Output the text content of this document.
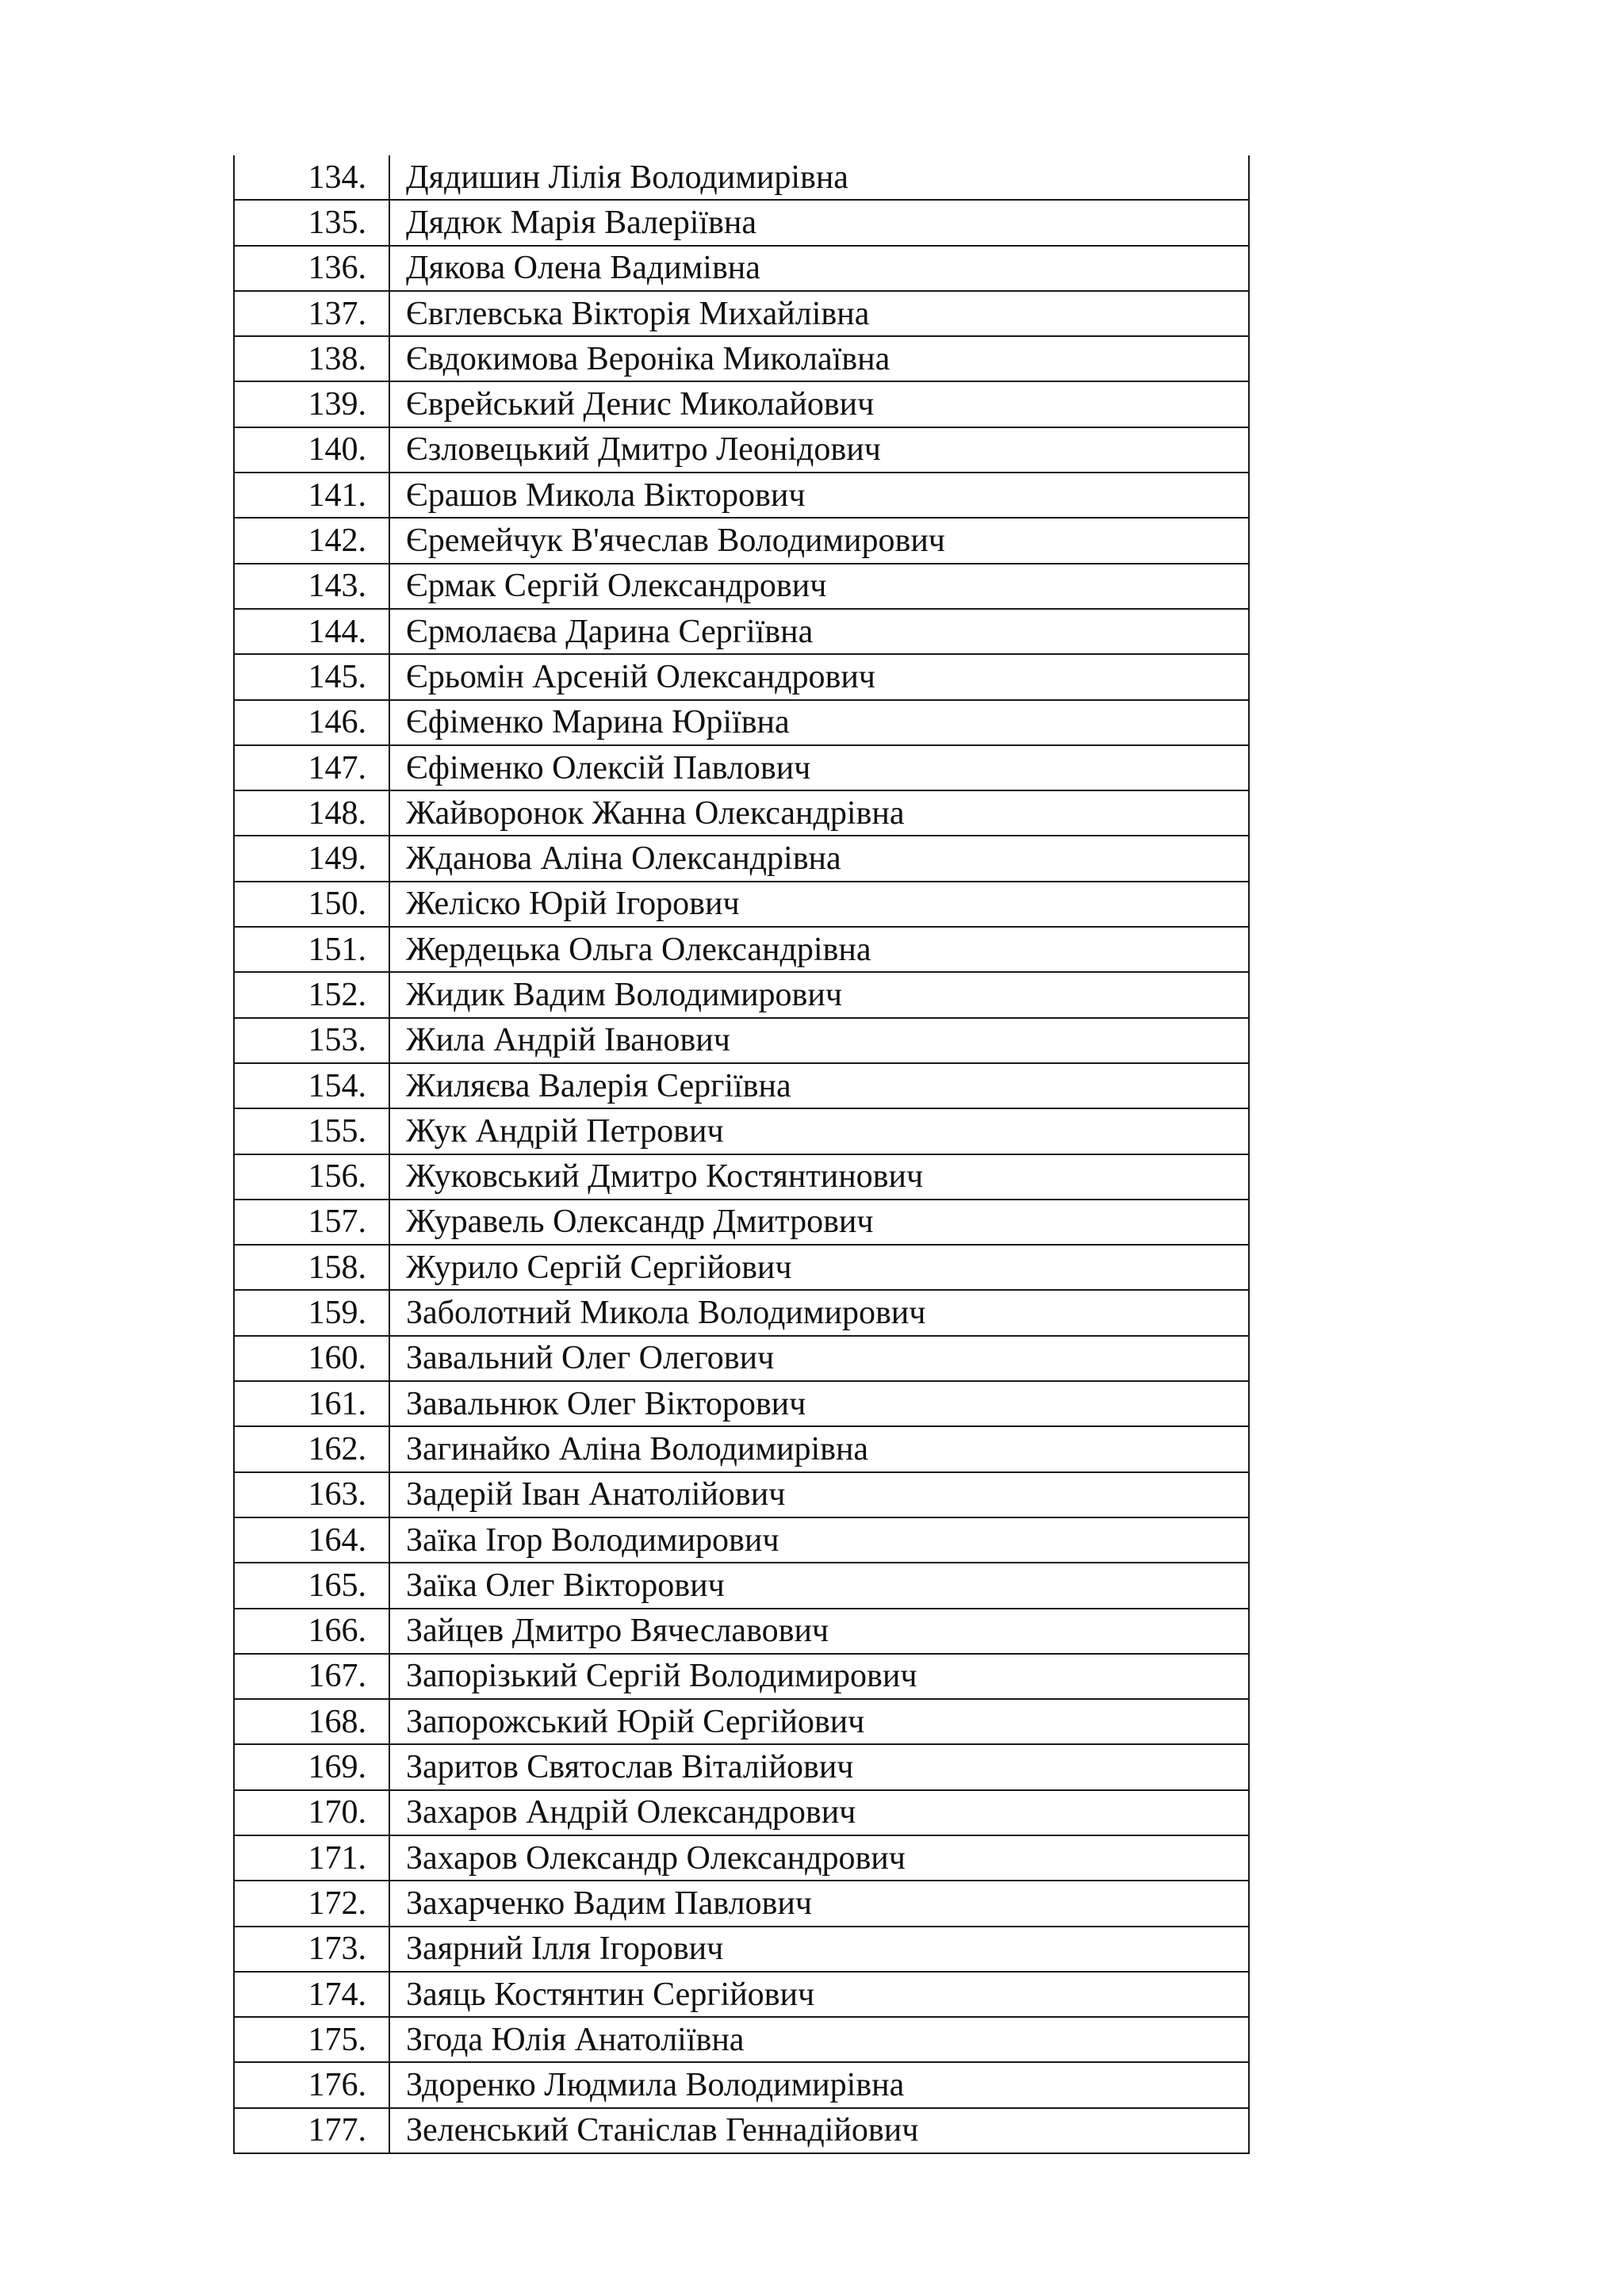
134.	Дядишин Лілія Володимирівна
135.	Дядюк Марія Валеріївна
136.	Дякова Олена Вадимівна
137.	Євглевська Вікторія Михайлівна
138.	Євдокимова Вероніка Миколаївна
139.	Єврейський Денис Миколайович
140.	Єзловецький Дмитро Леонідович
141.	Єрашов Микола Вікторович
142.	Єремейчук В'ячеслав Володимирович
143.	Єрмак Сергій Олександрович
144.	Єрмолаєва Дарина Сергіївна
145.	Єрьомін Арсеній Олександрович
146.	Єфіменко Марина Юріївна
147.	Єфіменко Олексій Павлович
148.	Жайворонок Жанна Олександрівна
149.	Жданова Аліна Олександрівна
150.	Желіско Юрій Ігорович
151.	Жердецька Ольга Олександрівна
152.	Жидик Вадим Володимирович
153.	Жила Андрій Іванович
154.	Жиляєва Валерія Сергіївна
155.	Жук Андрій Петрович
156.	Жуковський Дмитро Костянтинович
157.	Журавель Олександр Дмитрович
158.	Журило Сергій Сергійович
159.	Заболотний Микола Володимирович
160.	Завальний Олег Олегович
161.	Завальнюк Олег Вікторович
162.	Загинайко Аліна Володимирівна
163.	Задерій Іван Анатолійович
164.	Заїка Ігор Володимирович
165.	Заїка Олег Вікторович
166.	Зайцев Дмитро Вячеславович
167.	Запорізький Сергій Володимирович
168.	Запорожський Юрій Сергійович
169.	Заритов Святослав Віталійович
170.	Захаров Андрій Олександрович
171.	Захаров Олександр Олександрович
172.	Захарченко Вадим Павлович
173.	Заярний Ілля Ігорович
174.	Заяць Костянтин Сергійович
175.	Згода Юлія Анатоліївна
176.	Здоренко Людмила Володимирівна
177.	Зеленський Станіслав Геннадійович
